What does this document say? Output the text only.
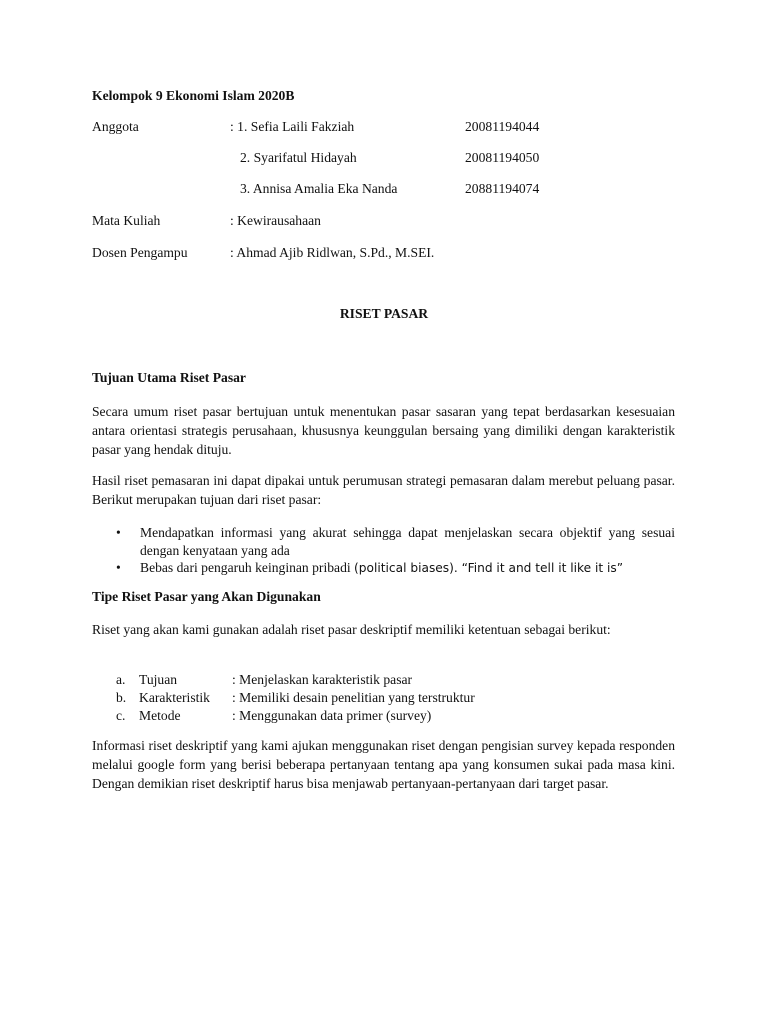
Kelompok 9 Ekonomi Islam 2020B
Anggota	: 1. Sefia Laili Fakziah	20081194044
2. Syarifatul Hidayah	20081194050
3. Annisa Amalia Eka Nanda	20881194074
Mata Kuliah	: Kewirausahaan
Dosen Pengampu	: Ahmad Ajib Ridlwan, S.Pd., M.SEI.
RISET PASAR
Tujuan Utama Riset Pasar

Secara umum riset pasar bertujuan untuk menentukan pasar sasaran yang tepat berdasarkan kesesuaian antara orientasi strategis perusahaan, khususnya keunggulan bersaing yang dimiliki dengan karakteristik pasar yang hendak dituju.

Hasil riset pemasaran ini dapat dipakai untuk perumusan strategi pemasaran dalam merebut peluang pasar. Berikut merupakan tujuan dari riset pasar:

• Mendapatkan informasi yang akurat sehingga dapat menjelaskan secara objektif yang sesuai dengan kenyataan yang ada
• Bebas dari pengaruh keinginan pribadi (political biases). “Find it and tell it like it is”
Tipe Riset Pasar yang Akan Digunakan

Riset yang akan kami gunakan adalah riset pasar deskriptif memiliki ketentuan sebagai berikut:

a. Tujuan	: Menjelaskan karakteristik pasar
b. Karakteristik : Memiliki desain penelitian yang terstruktur
c. Metode	: Menggunakan data primer (survey)

Informasi riset deskriptif yang kami ajukan menggunakan riset dengan pengisian survey kepada responden melalui google form yang berisi beberapa pertanyaan tentang apa yang konsumen sukai pada masa kini. Dengan demikian riset deskriptif harus bisa menjawab pertanyaan-pertanyaan dari target pasar.
